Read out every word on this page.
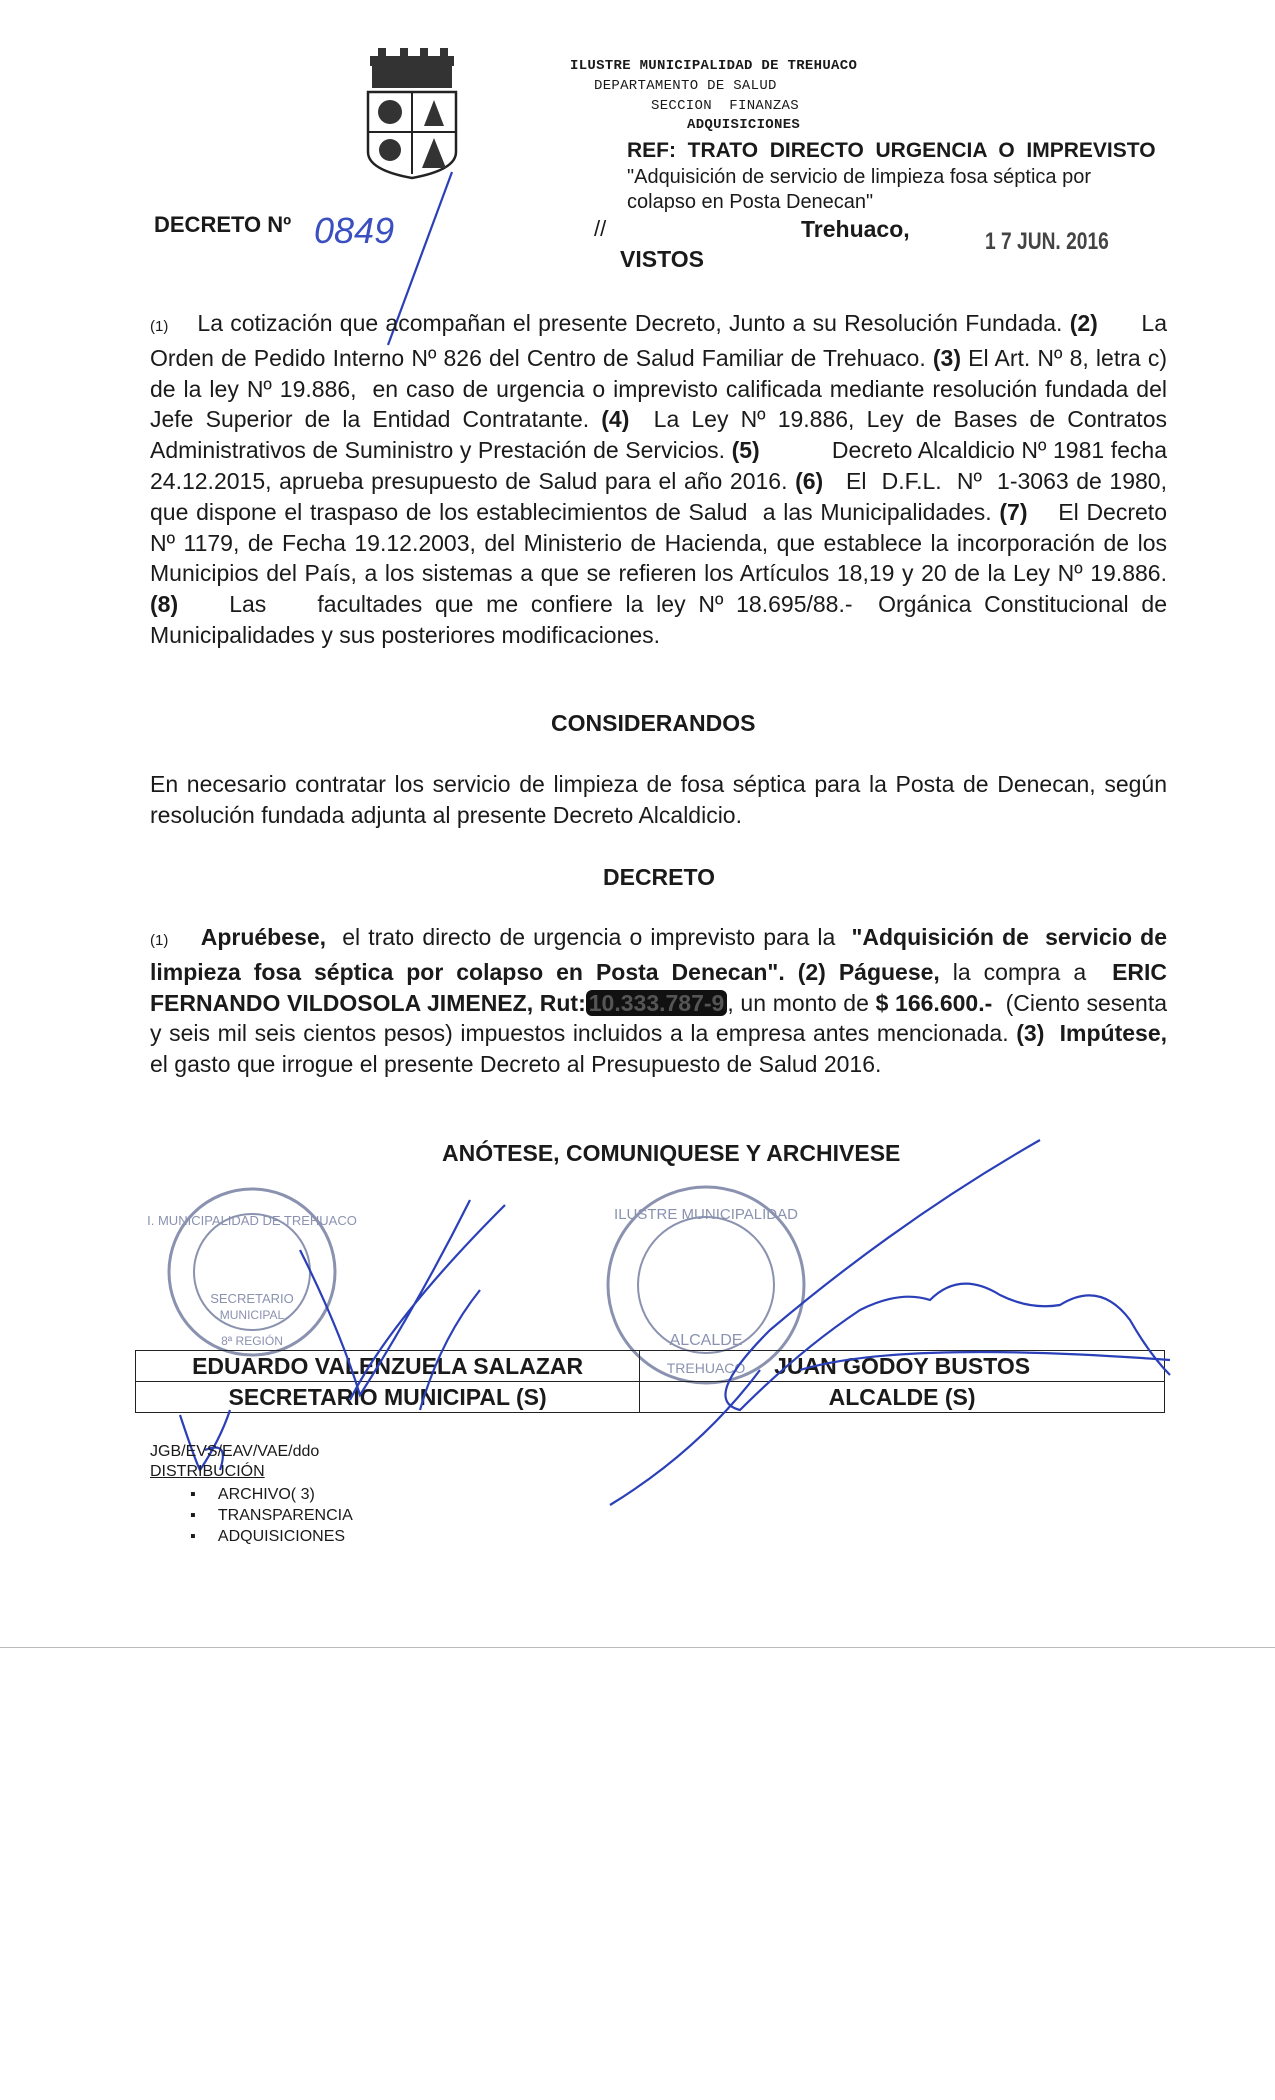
ILUSTRE MUNICIPALIDAD DE TREHUACO
DEPARTAMENTO DE SALUD
SECCION  FINANZAS
ADQUISICIONES
REF:  TRATO  DIRECTO  URGENCIA  O  IMPREVISTO
"Adquisición de servicio de limpieza fosa séptica por
colapso en Posta Denecan"
DECRETO Nº 0849	//	Trehuaco,	1 7 JUN. 2016
VISTOS
(1)    La cotización que acompañan el presente Decreto, Junto a su Resolución Fundada. (2)      La Orden de Pedido Interno Nº 826 del Centro de Salud Familiar de Trehuaco. (3) El Art. Nº 8, letra c) de la ley Nº 19.886,  en caso de urgencia o imprevisto calificada mediante resolución fundada del Jefe Superior de la Entidad Contratante. (4)  La Ley Nº 19.886, Ley de Bases de Contratos Administrativos de Suministro y Prestación de Servicios. (5)           Decreto Alcaldicio Nº 1981 fecha 24.12.2015, aprueba presupuesto de Salud para el año 2016. (6)   El  D.F.L.  Nº  1-3063 de 1980, que dispone el traspaso de los establecimientos de Salud  a las Municipalidades. (7)    El Decreto Nº 1179, de Fecha 19.12.2003, del Ministerio de Hacienda, que establece la incorporación de los Municipios del País, a los sistemas a que se refieren los Artículos 18,19 y 20 de la Ley Nº 19.886. (8)    Las    facultades que me confiere la ley Nº 18.695/88.-  Orgánica Constitucional de Municipalidades y sus posteriores modificaciones.
CONSIDERANDOS
En necesario contratar los servicio de limpieza de fosa séptica para la Posta de Denecan, según resolución fundada adjunta al presente Decreto Alcaldicio.
DECRETO
(1) Apruébese,  el trato directo de urgencia o imprevisto para la  "Adquisición de  servicio de limpieza fosa séptica por colapso en Posta Denecan". (2) Páguese, la compra a  ERIC FERNANDO VILDOSOLA JIMENEZ, Rut: 10.333.787-9 , un monto de $ 166.600.-  (Ciento sesenta y seis mil seis cientos pesos) impuestos incluidos a la empresa antes mencionada. (3) Impútese, el gasto que irrogue el presente Decreto al Presupuesto de Salud 2016.
ANÓTESE, COMUNIQUESE Y ARCHIVESE
I. MUNICIPALIDAD DE TREHUACO
SECRETARIO
MUNICIPAL
8ª REGIÓN
ILUSTRE MUNICIPALIDAD
ALCALDE
TREHUACO
EDUARDO VALENZUELA SALAZAR	JUAN GODOY BUSTOS
SECRETARIO MUNICIPAL (S)	ALCALDE (S)
JGB/EVS/EAV/VAE/ddo
DISTRIBUCIÓN
▪     ARCHIVO( 3)
▪     TRANSPARENCIA
▪     ADQUISICIONES
